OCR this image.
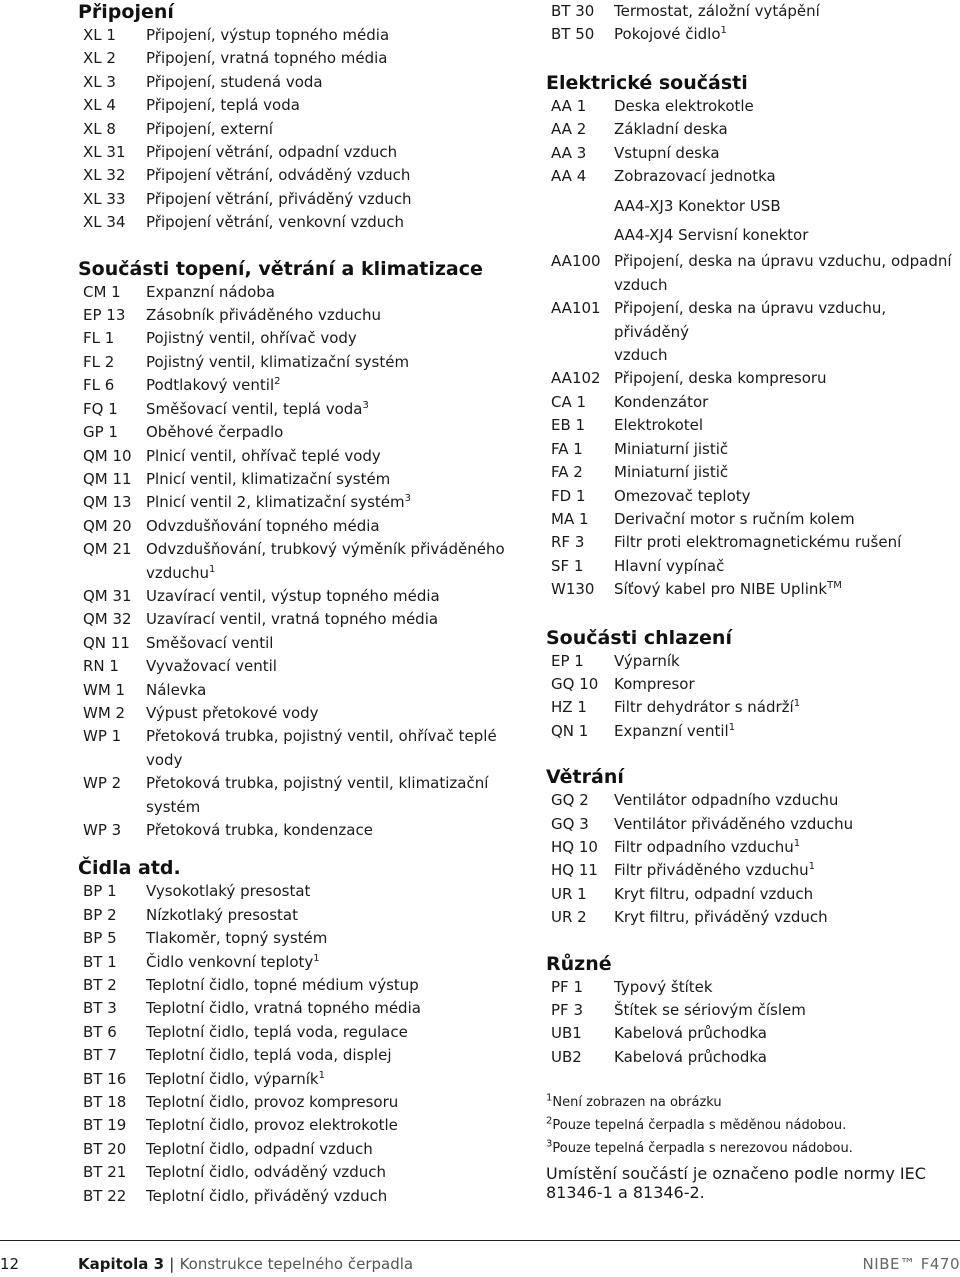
Připojení
XL 1	Připojení, výstup topného média
XL 2	Připojení, vratná topného média
XL 3	Připojení, studená voda
XL 4	Připojení, teplá voda
XL 8	Připojení, externí
XL 31	Připojení větrání, odpadní vzduch
XL 32	Připojení větrání, odváděný vzduch
XL 33	Připojení větrání, přiváděný vzduch
XL 34	Připojení větrání, venkovní vzduch
Součásti topení, větrání a klimatizace
CM 1	Expanzní nádoba
EP 13	Zásobník přiváděného vzduchu
FL 1	Pojistný ventil, ohřívač vody
FL 2	Pojistný ventil, klimatizační systém
FL 6	Podtlakový ventil$^2$
FQ 1	Směšovací ventil, teplá voda$^3$
GP 1	Oběhové čerpadlo
QM 10 Plnicí ventil, ohřívač teplé vody
QM 11 Plnicí ventil, klimatizační systém
QM 13 Plnicí ventil 2, klimatizační systém$^3$
QM 20 Odvzdušňování topného média
QM 21 Odvzdušňování, trubkový výměník přiváděného
vzduchu$^1$
QM 31 Uzavírací ventil, výstup topného média
QM 32 Uzavírací ventil, vratná topného média
QN 11	Směšovací ventil
RN 1	Vyvažovací ventil
WM 1	Nálevka
WM 2	Výpust přetokové vody
WP 1	Přetoková trubka, pojistný ventil, ohřívač teplé
vody
WP 2	Přetoková trubka, pojistný ventil, klimatizační
systém
WP 3	Přetoková trubka, kondenzace
Čidla atd.
BP 1	Vysokotlaký presostat
BP 2	Nízkotlaký presostat
BP 5	Tlakoměr, topný systém
BT 1	Čidlo venkovní teploty$^1$
BT 2	Teplotní čidlo, topné médium výstup
BT 3	Teplotní čidlo, vratná topného média
BT 6	Teplotní čidlo, teplá voda, regulace
BT 7	Teplotní čidlo, teplá voda, displej
BT 16	Teplotní čidlo, výparník$^1$
BT 18	Teplotní čidlo, provoz kompresoru
BT 19	Teplotní čidlo, provoz elektrokotle
BT 20	Teplotní čidlo, odpadní vzduch
BT 21	Teplotní čidlo, odváděný vzduch
BT 22	Teplotní čidlo, přiváděný vzduch
BT 30	Termostat, záložní vytápění
BT 50	Pokojové čidlo$^1$
Elektrické součásti
AA 1	Deska elektrokotle
AA 2	Základní deska
AA 3	Vstupní deska
AA 4	Zobrazovací jednotka
AA4-XJ3 Konektor USB
AA4-XJ4 Servisní konektor
AA100 Připojení, deska na úpravu vzduchu, odpadní
vzduch
AA101 Připojení, deska na úpravu vzduchu, přiváděný
vzduch
AA102 Připojení, deska kompresoru
CA 1	Kondenzátor
EB 1	Elektrokotel
FA 1	Miniaturní jistič
FA 2	Miniaturní jistič
FD 1	Omezovač teploty
MA 1	Derivační motor s ručním kolem
RF 3	Filtr proti elektromagnetickému rušení
SF 1	Hlavní vypínač
W130	Síťový kabel pro NIBE Uplink™
Součásti chlazení
EP 1	Výparník
GQ 10	Kompresor
HZ 1	Filtr dehydrátor s nádrží$^1$
QN 1	Expanzní ventil$^1$
Větrání
GQ 2	Ventilátor odpadního vzduchu
GQ 3	Ventilátor přiváděného vzduchu
HQ 10	Filtr odpadního vzduchu$^1$
HQ 11	Filtr přiváděného vzduchu$^1$
UR 1	Kryt filtru, odpadní vzduch
UR 2	Kryt filtru, přiváděný vzduch
Různé
PF 1	Typový štítek
PF 3	Štítek se sériovým číslem
UB1	Kabelová průchodka
UB2	Kabelová průchodka
$^1$Není zobrazen na obrázku
$^2$Pouze tepelná čerpadla s měděnou nádobou.
$^3$Pouze tepelná čerpadla s nerezovou nádobou.
Umístění součástí je označeno podle normy IEC 81346-1 a 81346-2.
12	Kapitola 3 | Konstrukce tepelného čerpadla	NIBE™ F470
